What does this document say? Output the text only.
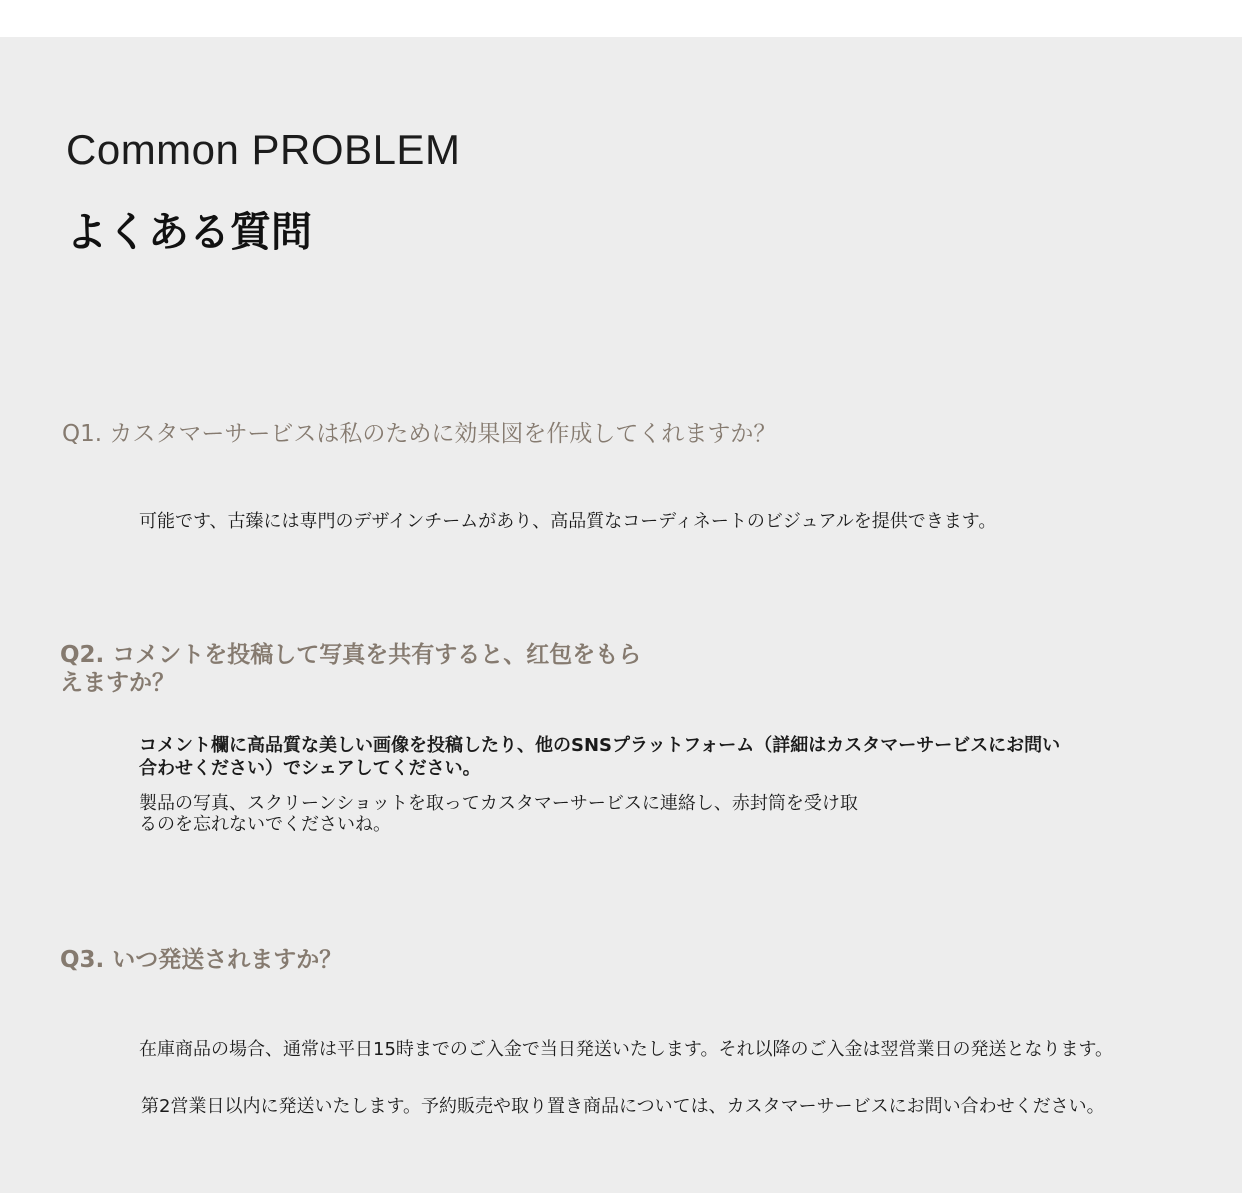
Common PROBLEM
よくある質問

Q1. カスタマーサービスは私のために効果図を作成してくれますか？

可能です、古臻には専門のデザインチームがあり、高品質なコーディネートのビジュアルを提供できます。

Q2. コメントを投稿して写真を共有すると、红包をもらえますか？

コメント欄に高品質な美しい画像を投稿したり、他のSNSプラットフォーム（詳細はカスタマーサービスにお問い合わせください）でシェアしてください。

製品の写真、スクリーンショットを取ってカスタマーサービスに連絡し、赤封筒を受け取るのを忘れないでくださいね。

Q3. いつ発送されますか？

在庫商品の場合、通常は平日15時までのご入金で当日発送いたします。それ以降のご入金は翌営業日の発送となります。

第2営業日以内に発送いたします。予約販売や取り置き商品については、カスタマーサービスにお問い合わせください。
